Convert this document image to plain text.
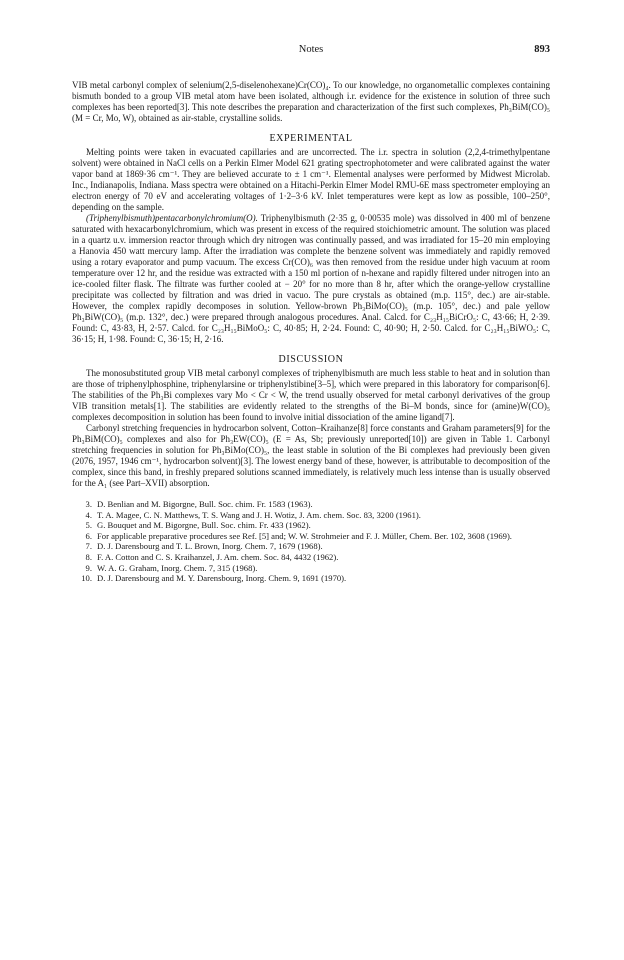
Notes	893

VIB metal carbonyl complex of selenium(2,5-diselenohexane)Cr(CO)₄. To our knowledge, no organometallic complexes containing bismuth bonded to a group VIB metal atom have been isolated, although i.r. evidence for the existence in solution of three such complexes has been reported[3]. This note describes the preparation and characterization of the first such complexes, Ph₃BiM(CO)₅ (M = Cr, Mo, W), obtained as air-stable, crystalline solids.

EXPERIMENTAL

Melting points were taken in evacuated capillaries and are uncorrected. The i.r. spectra in solution (2,2,4-trimethylpentane solvent) were obtained in NaCl cells on a Perkin Elmer Model 621 grating spectrophotometer and were calibrated against the water vapor band at 1869·36 cm⁻¹. They are believed accurate to ± 1 cm⁻¹. Elemental analyses were performed by Midwest Microlab. Inc., Indianapolis, Indiana. Mass spectra were obtained on a Hitachi-Perkin Elmer Model RMU-6E mass spectrometer employing an electron energy of 70 eV and accelerating voltages of 1·2–3·6 kV. Inlet temperatures were kept as low as possible, 100–250°, depending on the sample.

(Triphenylbismuth)pentacarbonylchromium(O). Triphenylbismuth (2·35 g, 0·00535 mole) was dissolved in 400 ml of benzene saturated with hexacarbonylchromium, which was present in excess of the required stoichiometric amount. The solution was placed in a quartz u.v. immersion reactor through which dry nitrogen was continually passed, and was irradiated for 15–20 min employing a Hanovia 450 watt mercury lamp. After the irradiation was complete the benzene solvent was immediately and rapidly removed using a rotary evaporator and pump vacuum. The excess Cr(CO)₆ was then removed from the residue under high vacuum at room temperature over 12 hr, and the residue was extracted with a 150 ml portion of n-hexane and rapidly filtered under nitrogen into an ice-cooled filter flask. The filtrate was further cooled at − 20° for no more than 8 hr, after which the orange-yellow crystalline precipitate was collected by filtration and was dried in vacuo. The pure crystals as obtained (m.p. 115°, dec.) are air-stable. However, the complex rapidly decomposes in solution. Yellow-brown Ph₃BiMo(CO)₅ (m.p. 105°, dec.) and pale yellow Ph₃BiW(CO)₅ (m.p. 132°, dec.) were prepared through analogous procedures. Anal. Calcd. for C₂₃H₁₅BiCrO₅: C, 43·66; H, 2·39. Found: C, 43·83, H, 2·57. Calcd. for C₂₃H₁₅BiMoO₅: C, 40·85; H, 2·24. Found: C, 40·90; H, 2·50. Calcd. for C₂₃H₁₅BiWO₅: C, 36·15; H, 1·98. Found: C, 36·15; H, 2·16.

DISCUSSION

The monosubstituted group VIB metal carbonyl complexes of triphenylbismuth are much less stable to heat and in solution than are those of triphenylphosphine, triphenylarsine or triphenylstibine[3–5], which were prepared in this laboratory for comparison[6]. The stabilities of the Ph₃Bi complexes vary Mo < Cr < W, the trend usually observed for metal carbonyl derivatives of the group VIB transition metals[1]. The stabilities are evidently related to the strengths of the Bi–M bonds, since for (amine)W(CO)₅ complexes decomposition in solution has been found to involve initial dissociation of the amine ligand[7].

Carbonyl stretching frequencies in hydrocarbon solvent, Cotton–Kraihanze[8] force constants and Graham parameters[9] for the Ph₃BiM(CO)₅ complexes and also for Ph₃EW(CO)₅ (E = As, Sb; previously unreported[10]) are given in Table 1. Carbonyl stretching frequencies in solution for Ph₃BiMo(CO)₅, the least stable in solution of the Bi complexes had previously been given (2076, 1957, 1946 cm⁻¹, hydrocarbon solvent)[3]. The lowest energy band of these, however, is attributable to decomposition of the complex, since this band, in freshly prepared solutions scanned immediately, is relatively much less intense than is usually observed for the A₁ (see Part–XVII) absorption.

3. D. Benlian and M. Bigorgne, Bull. Soc. chim. Fr. 1583 (1963).
4. T. A. Magee, C. N. Matthews, T. S. Wang and J. H. Wotiz, J. Am. chem. Soc. 83, 3200 (1961).
5. G. Bouquet and M. Bigorgne, Bull. Soc. chim. Fr. 433 (1962).
6. For applicable preparative procedures see Ref. [5] and; W. W. Strohmeier and F. J. Müller, Chem. Ber. 102, 3608 (1969).
7. D. J. Darensbourg and T. L. Brown, Inorg. Chem. 7, 1679 (1968).
8. F. A. Cotton and C. S. Kraihanzel, J. Am. chem. Soc. 84, 4432 (1962).
9. W. A. G. Graham, Inorg. Chem. 7, 315 (1968).
10. D. J. Darensbourg and M. Y. Darensbourg, Inorg. Chem. 9, 1691 (1970).
